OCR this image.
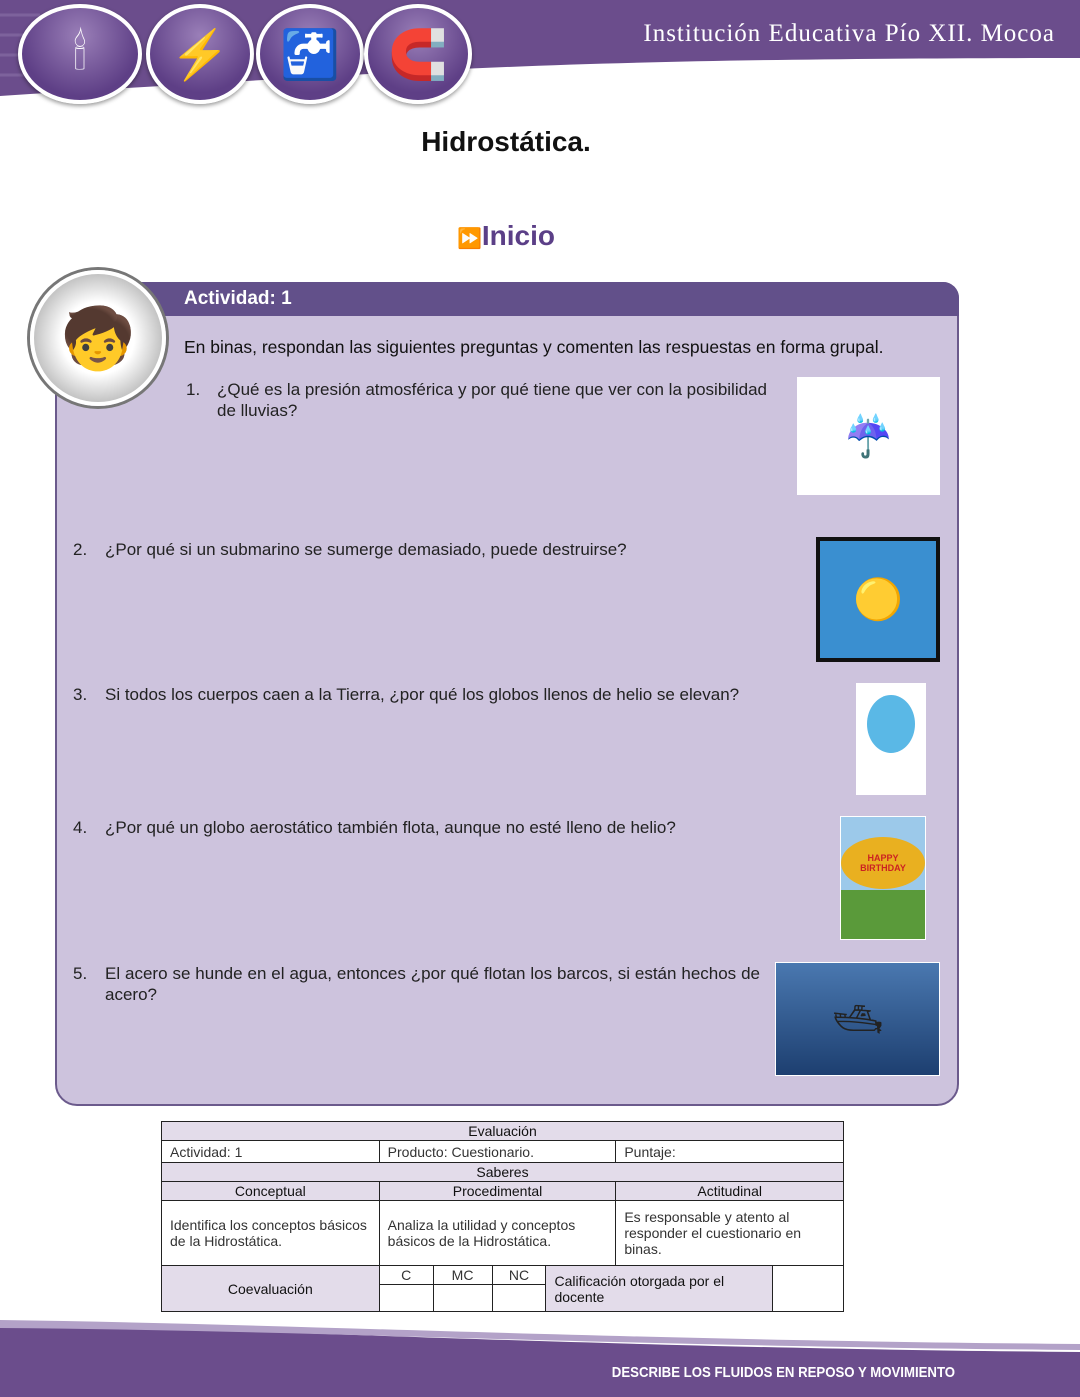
Institución Educativa Pío XII. Mocoa
🕯	⚡	🚰	🧲
Hidrostática.
⏩Inicio
Actividad: 1
🧒	En binas, respondan las siguientes preguntas y comenten las respuestas en forma grupal.
1. ¿Qué es la presión atmosférica y por qué tiene que ver con la posibilidad de lluvias?
☔
2. ¿Por qué si un submarino se sumerge demasiado, puede destruirse?
🟡
3. Si todos los cuerpos caen a la Tierra, ¿por qué los globos llenos de helio se elevan?
4. ¿Por qué un globo aerostático también flota, aunque no esté lleno de helio?
HAPPY BIRTHDAY
5. El acero se hunde en el agua, entonces ¿por qué flotan los barcos, si están hechos de acero?
🛥
Evaluación						
Actividad: 1	Producto: Cuestionario.				Puntaje:	
Saberes						
Conceptual	Procedimental				Actitudinal	
Identifica los conceptos básicos de la Hidrostática.	Analiza la utilidad y conceptos básicos de la Hidrostática.				Es responsable y atento al responder el cuestionario en binas.	
Coevaluación	C	MC	NC	Calificación otorgada por el docente		

DESCRIBE LOS FLUIDOS EN REPOSO Y MOVIMIENTO
